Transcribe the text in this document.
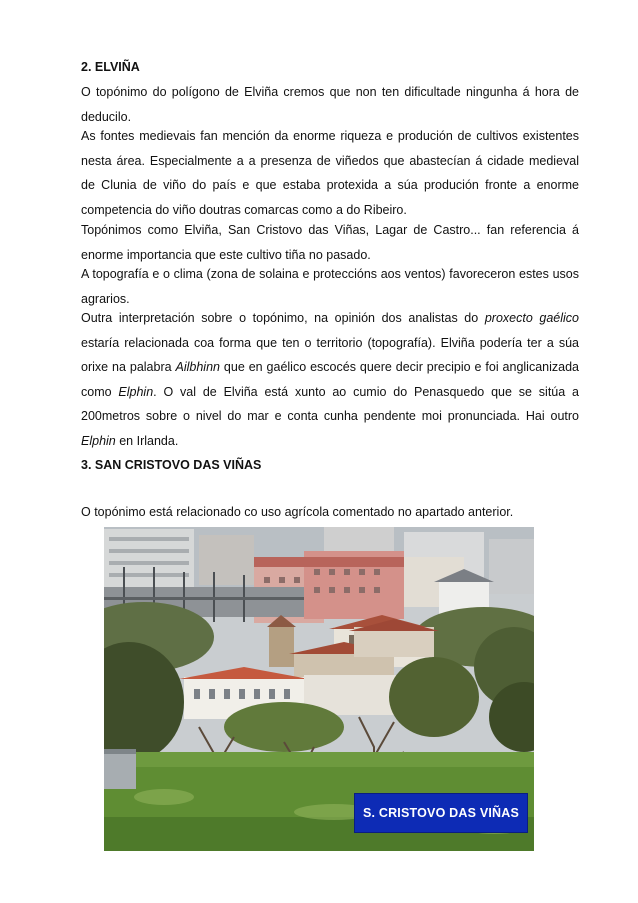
2. ELVIÑA

O topónimo do polígono de Elviña cremos que non ten dificultade ningunha á hora de deducilo.

As fontes medievais fan mención da enorme riqueza e produción de cultivos existentes nesta área. Especialmente a a presenza de viñedos que abastecían á cidade medieval de Clunia de viño do país e que estaba protexida a súa produción fronte a enorme competencia do viño doutras comarcas como a do Ribeiro.

Topónimos como Elviña, San Cristovo das Viñas, Lagar de Castro... fan referencia á enorme importancia que este cultivo tiña no pasado.

A topografía e o clima (zona de solaina e proteccións aos ventos) favoreceron estes usos agrarios.

Outra interpretación sobre o topónimo, na opinión dos analistas do proxecto gaélico estaría relacionada coa forma que ten o territorio (topografía). Elviña podería ter a súa orixe na palabra Ailbhinn que en gaélico escocés quere decir precipio e foi anglicanizada como Elphin. O val de Elviña está xunto ao cumio do Penasquedo que se sitúa a 200metros sobre o nivel do mar e conta cunha pendente moi pronunciada. Hai outro Elphin en Irlanda.

3. SAN CRISTOVO DAS VIÑAS

O topónimo está relacionado co uso agrícola comentado no apartado anterior.

S. CRISTOVO DAS VIÑAS
